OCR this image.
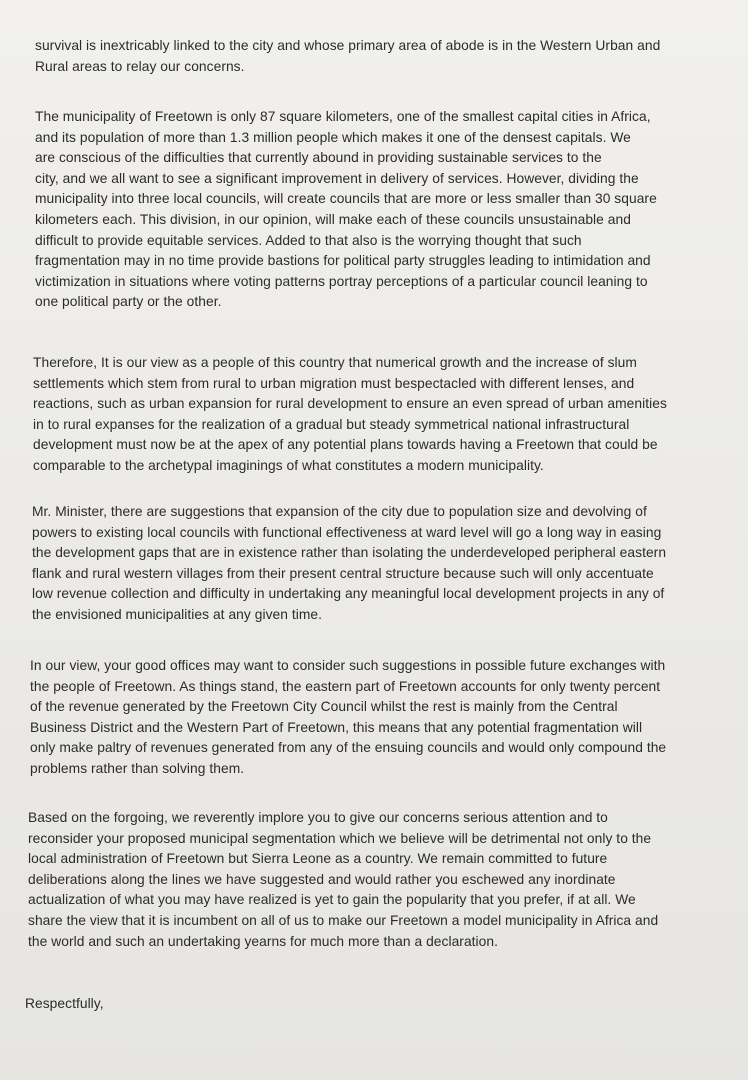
survival is inextricably linked to the city and whose primary area of abode is in the Western Urban and
Rural areas to relay our concerns.

The municipality of Freetown is only 87 square kilometers, one of the smallest capital cities in Africa,
and its population of more than 1.3 million people which makes it one of the densest capitals. We
are conscious of the difficulties that currently abound in providing sustainable services to the
city, and we all want to see a significant improvement in delivery of services. However, dividing the
municipality into three local councils, will create councils that are more or less smaller than 30 square
kilometers each. This division, in our opinion, will make each of these councils unsustainable and
difficult to provide equitable services. Added to that also is the worrying thought that such
fragmentation may in no time provide bastions for political party struggles leading to intimidation and
victimization in situations where voting patterns portray perceptions of a particular council leaning to
one political party or the other.

Therefore, It is our view as a people of this country that numerical growth and the increase of slum
settlements which stem from rural to urban migration must bespectacled with different lenses, and
reactions, such as urban expansion for rural development to ensure an even spread of urban amenities
in to rural expanses for the realization of a gradual but steady symmetrical national infrastructural
development must now be at the apex of any potential plans towards having a Freetown that could be
comparable to the archetypal imaginings of what constitutes a modern municipality.

Mr. Minister, there are suggestions that expansion of the city due to population size and devolving of
powers to existing local councils with functional effectiveness at ward level will go a long way in easing
the development gaps that are in existence rather than isolating the underdeveloped peripheral eastern
flank and rural western villages from their present central structure because such will only accentuate
low revenue collection and difficulty in undertaking any meaningful local development projects in any of
the envisioned municipalities at any given time.

In our view, your good offices may want to consider such suggestions in possible future exchanges with
the people of Freetown. As things stand, the eastern part of Freetown accounts for only twenty percent
of the revenue generated by the Freetown City Council whilst the rest is mainly from the Central
Business District and the Western Part of Freetown, this means that any potential fragmentation will
only make paltry of revenues generated from any of the ensuing councils and would only compound the
problems rather than solving them.

Based on the forgoing, we reverently implore you to give our concerns serious attention and to
reconsider your proposed municipal segmentation which we believe will be detrimental not only to the
local administration of Freetown but Sierra Leone as a country. We remain committed to future
deliberations along the lines we have suggested and would rather you eschewed any inordinate
actualization of what you may have realized is yet to gain the popularity that you prefer, if at all. We
share the view that it is incumbent on all of us to make our Freetown a model municipality in Africa and
the world and such an undertaking yearns for much more than a declaration.

Respectfully,
